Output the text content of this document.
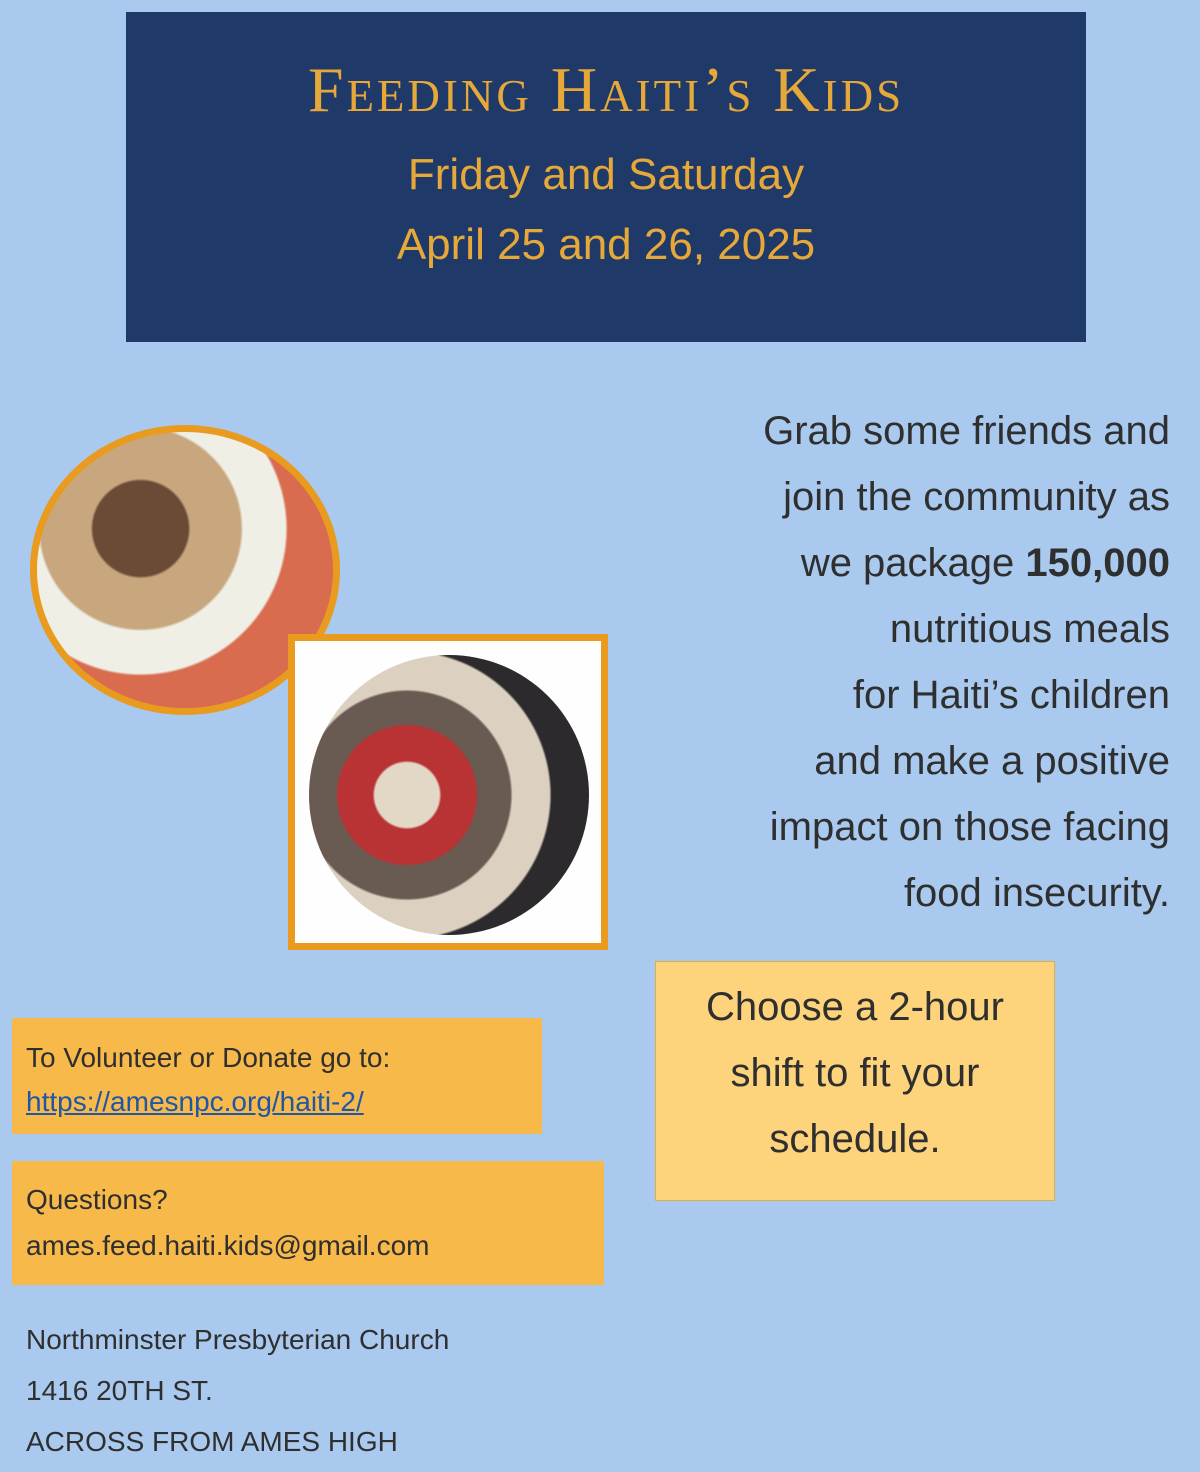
Feeding Haiti’s Kids
Friday and Saturday
April 25 and 26, 2025
Grab some friends and
join the community as
we package 150,000
nutritious meals
for Haiti’s children
and make a positive
impact on those facing
food insecurity.
Choose a 2-hour
shift to fit your
schedule.
To Volunteer or Donate go to:
https://amesnpc.org/haiti-2/
Questions?
ames.feed.haiti.kids@gmail.com
Northminster Presbyterian Church
1416 20TH ST.
ACROSS FROM AMES HIGH
